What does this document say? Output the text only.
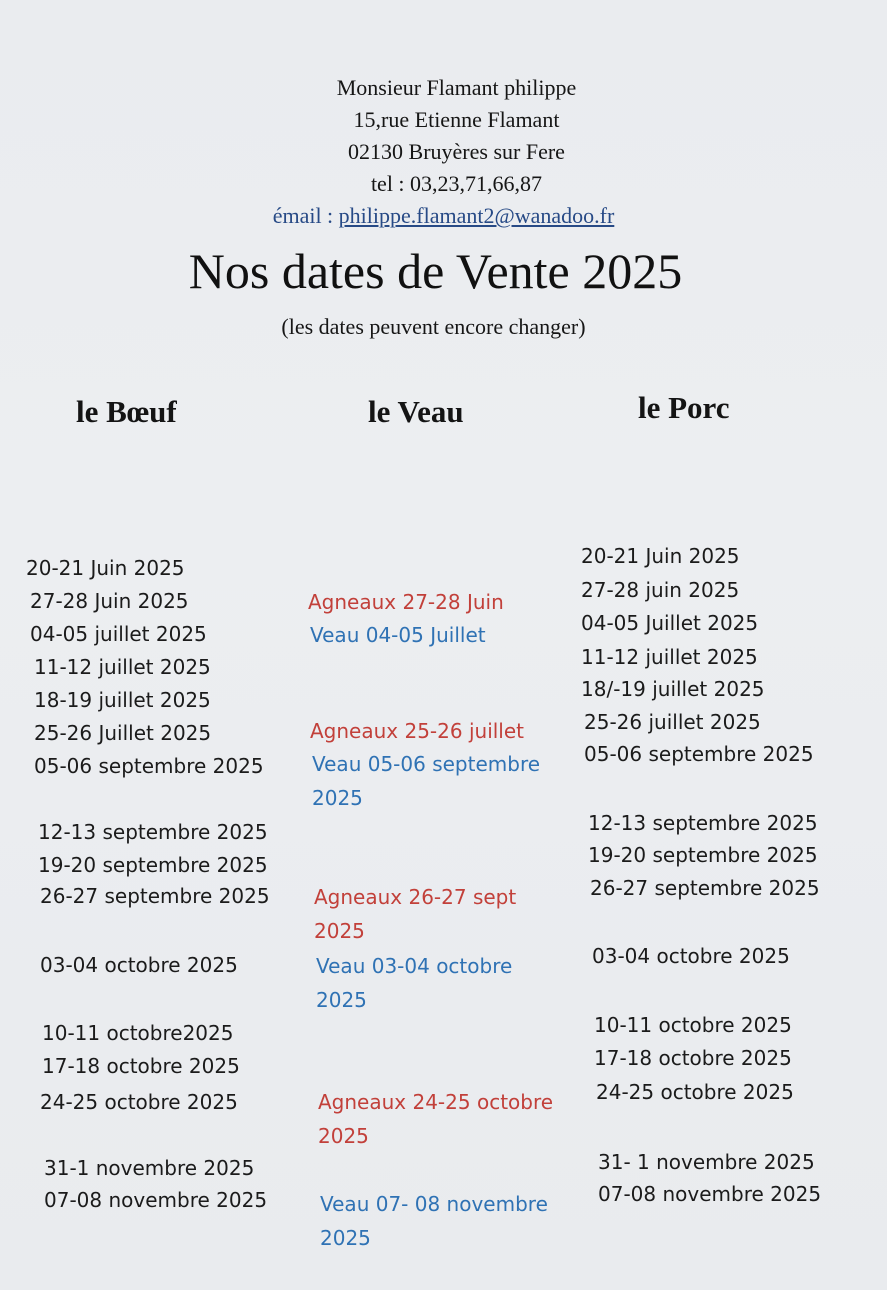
Monsieur Flamant philippe
15,rue Etienne Flamant
02130 Bruyères sur Fere
tel : 03,23,71,66,87
émail : philippe.flamant2@wanadoo.fr
Nos dates de Vente 2025
(les dates peuvent encore changer)
le Bœuf	le Veau	le Porc
20-21 Juin 2025
27-28 Juin 2025
04-05 juillet 2025
11-12 juillet 2025
18-19 juillet 2025
25-26 Juillet 2025
05-06 septembre 2025
12-13 septembre 2025
19-20 septembre 2025
26-27 septembre 2025
03-04 octobre 2025
10-11 octobre2025
17-18 octobre 2025
24-25 octobre 2025
31-1 novembre 2025
07-08 novembre 2025
Agneaux 27-28 Juin
Veau 04-05 Juillet
Agneaux 25-26 juillet
Veau 05-06 septembre
2025
Agneaux 26-27 sept
2025
Veau 03-04 octobre
2025
Agneaux 24-25 octobre
2025
Veau 07- 08 novembre
2025
20-21 Juin 2025
27-28 juin 2025
04-05 Juillet 2025
11-12 juillet 2025
18/-19 juillet 2025
25-26 juillet 2025
05-06 septembre 2025
12-13 septembre 2025
19-20 septembre 2025
26-27 septembre 2025
03-04 octobre 2025
10-11 octobre 2025
17-18 octobre 2025
24-25 octobre 2025
31- 1 novembre 2025
07-08 novembre 2025
